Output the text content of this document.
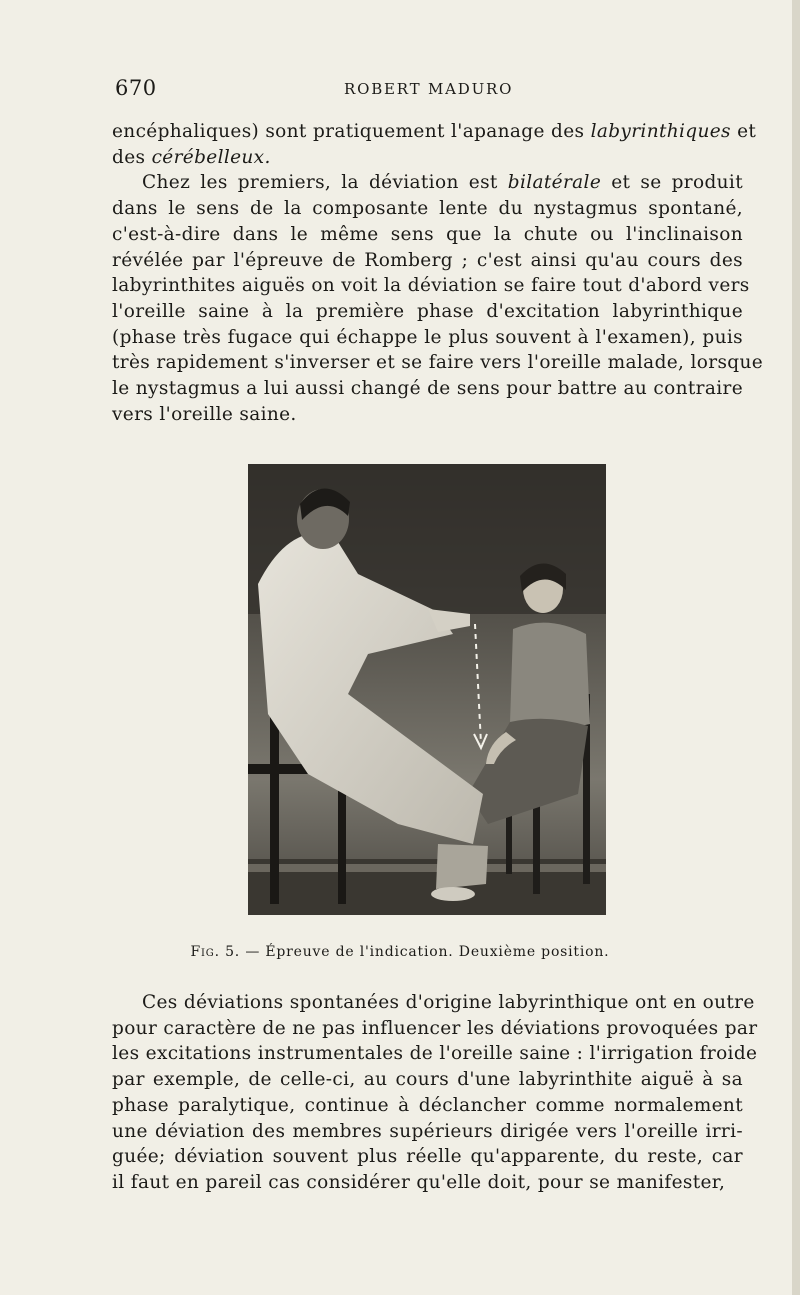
670	ROBERT MADURO

encéphaliques) sont pratiquement l'apanage des labyrinthiques et
des cérébelleux.
Chez les premiers, la déviation est bilatérale et se produit
dans le sens de la composante lente du nystagmus spontané,
c'est-à-dire dans le même sens que la chute ou l'inclinaison
révélée par l'épreuve de Romberg ; c'est ainsi qu'au cours des
labyrinthites aiguës on voit la déviation se faire tout d'abord vers
l'oreille saine à la première phase d'excitation labyrinthique
(phase très fugace qui échappe le plus souvent à l'examen), puis
très rapidement s'inverser et se faire vers l'oreille malade, lorsque
le nystagmus a lui aussi changé de sens pour battre au contraire
vers l'oreille saine.

Fig. 5. — Épreuve de l'indication. Deuxième position.

Ces déviations spontanées d'origine labyrinthique ont en outre
pour caractère de ne pas influencer les déviations provoquées par
les excitations instrumentales de l'oreille saine : l'irrigation froide
par exemple, de celle-ci, au cours d'une labyrinthite aiguë à sa
phase paralytique, continue à déclancher comme normalement
une déviation des membres supérieurs dirigée vers l'oreille irri-
guée; déviation souvent plus réelle qu'apparente, du reste, car
il faut en pareil cas considérer qu'elle doit, pour se manifester,
